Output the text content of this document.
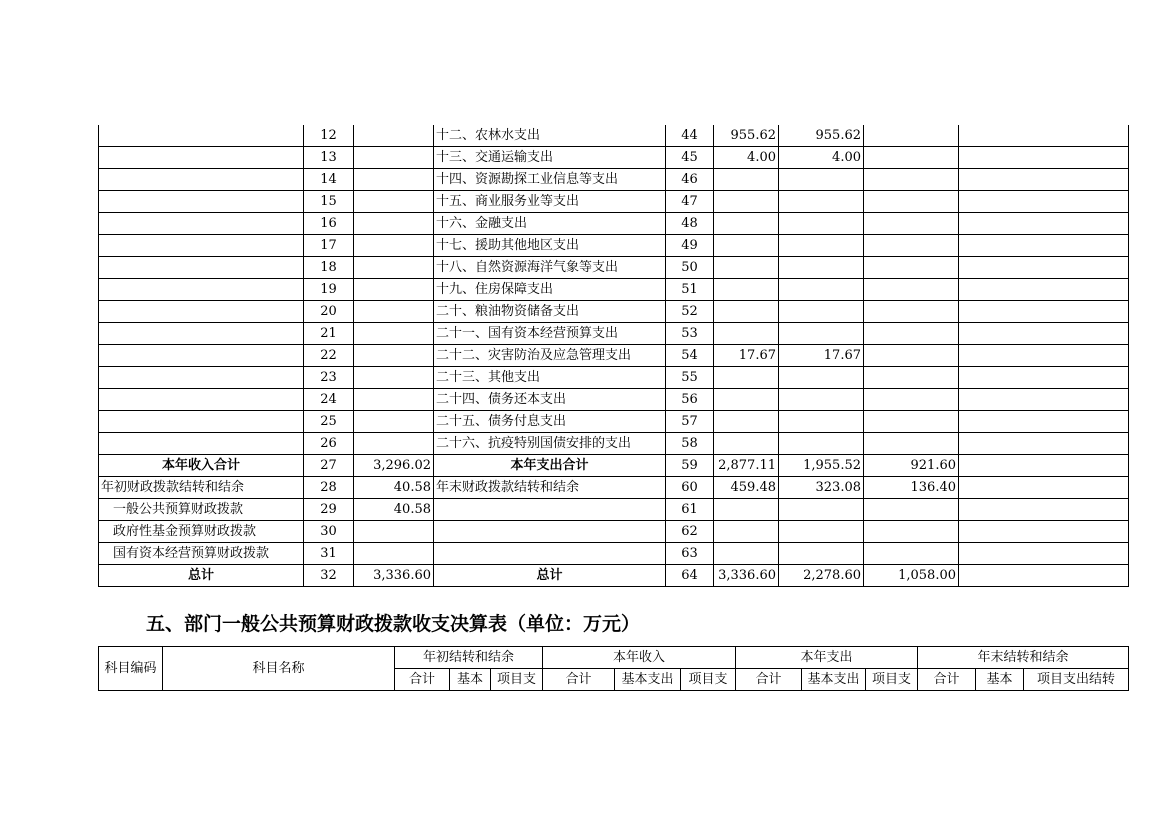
	12		十二、农林水支出	44	955.62	955.62		
	13		十三、交通运输支出	45	4.00	4.00		
	14		十四、资源勘探工业信息等支出	46				
	15		十五、商业服务业等支出	47				
	16		十六、金融支出	48				
	17		十七、援助其他地区支出	49				
	18		十八、自然资源海洋气象等支出	50				
	19		十九、住房保障支出	51				
	20		二十、粮油物资储备支出	52				
	21		二十一、国有资本经营预算支出	53				
	22		二十二、灾害防治及应急管理支出	54	17.67	17.67		
	23		二十三、其他支出	55				
	24		二十四、债务还本支出	56				
	25		二十五、债务付息支出	57				
	26		二十六、抗疫特别国债安排的支出	58				
本年收入合计	27	3,296.02	本年支出合计	59	2,877.11	1,955.52	921.60	
年初财政拨款结转和结余	28	40.58	年末财政拨款结转和结余	60	459.48	323.08	136.40	
一般公共预算财政拨款	29	40.58		61				
政府性基金预算财政拨款	30			62				
国有资本经营预算财政拨款	31			63				
总计	32	3,336.60	总计	64	3,336.60	2,278.60	1,058.00	
五、部门一般公共预算财政拨款收支决算表（单位：万元）
科目编码	科目名称	年初结转和结余			本年收入			本年支出			年末结转和结余		
		合计	基本	项目支	合计	基本支出	项目支	合计	基本支出	项目支	合计	基本	项目支出结转
